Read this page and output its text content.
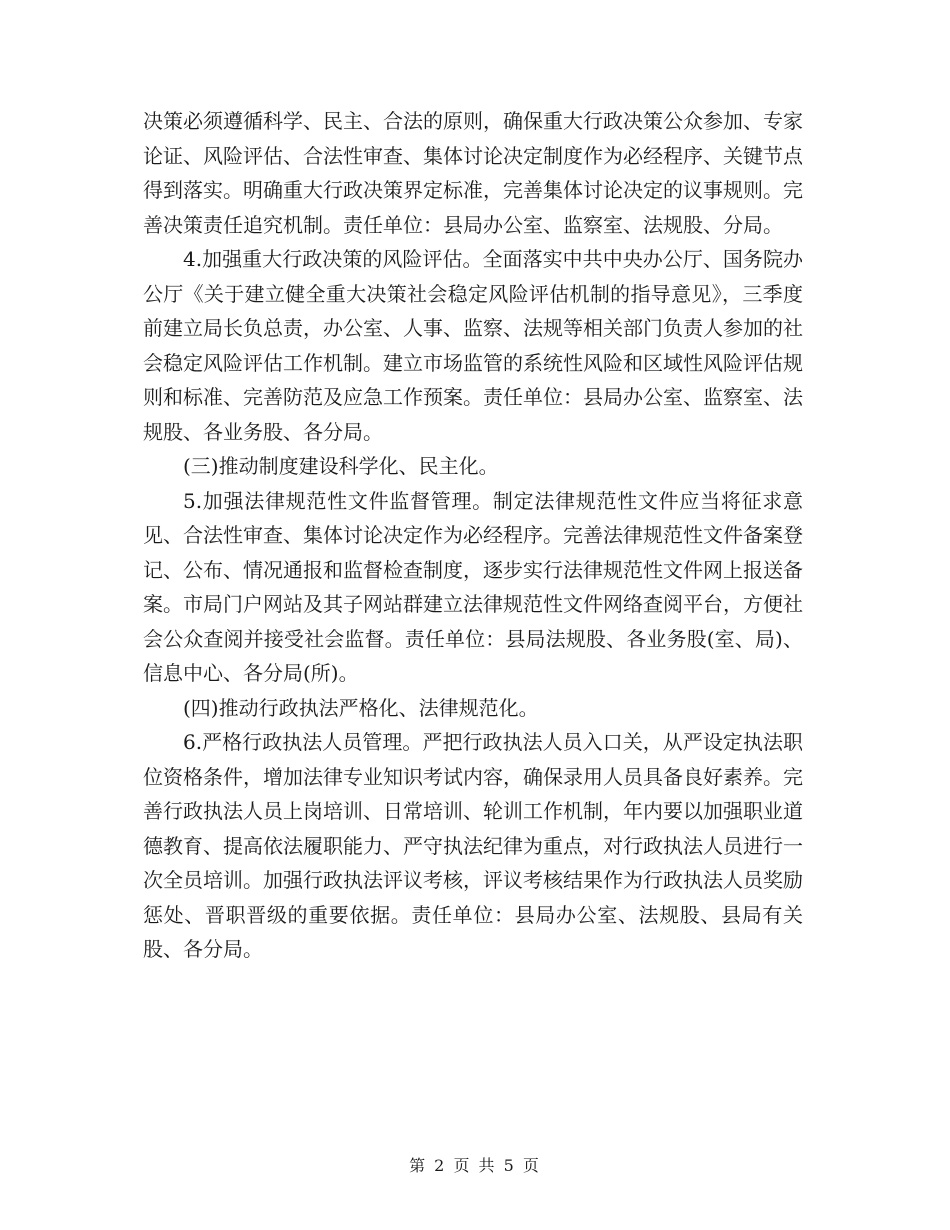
决策必须遵循科学、民主、合法的原则，确保重大行政决策公众参加、专家论证、风险评估、合法性审查、集体讨论决定制度作为必经程序、关键节点得到落实。明确重大行政决策界定标准，完善集体讨论决定的议事规则。完善决策责任追究机制。责任单位：县局办公室、监察室、法规股、分局。

4.加强重大行政决策的风险评估。全面落实中共中央办公厅、国务院办公厅《关于建立健全重大决策社会稳定风险评估机制的指导意见》，三季度前建立局长负总责，办公室、人事、监察、法规等相关部门负责人参加的社会稳定风险评估工作机制。建立市场监管的系统性风险和区域性风险评估规则和标准、完善防范及应急工作预案。责任单位：县局办公室、监察室、法规股、各业务股、各分局。

(三)推动制度建设科学化、民主化。

5.加强法律规范性文件监督管理。制定法律规范性文件应当将征求意见、合法性审查、集体讨论决定作为必经程序。完善法律规范性文件备案登记、公布、情况通报和监督检查制度，逐步实行法律规范性文件网上报送备案。市局门户网站及其子网站群建立法律规范性文件网络查阅平台，方便社会公众查阅并接受社会监督。责任单位：县局法规股、各业务股(室、局)、信息中心、各分局(所)。

(四)推动行政执法严格化、法律规范化。

6.严格行政执法人员管理。严把行政执法人员入口关，从严设定执法职位资格条件，增加法律专业知识考试内容，确保录用人员具备良好素养。完善行政执法人员上岗培训、日常培训、轮训工作机制，年内要以加强职业道德教育、提高依法履职能力、严守执法纪律为重点，对行政执法人员进行一次全员培训。加强行政执法评议考核，评议考核结果作为行政执法人员奖励惩处、晋职晋级的重要依据。责任单位：县局办公室、法规股、县局有关股、各分局。

第 2 页 共 5 页
